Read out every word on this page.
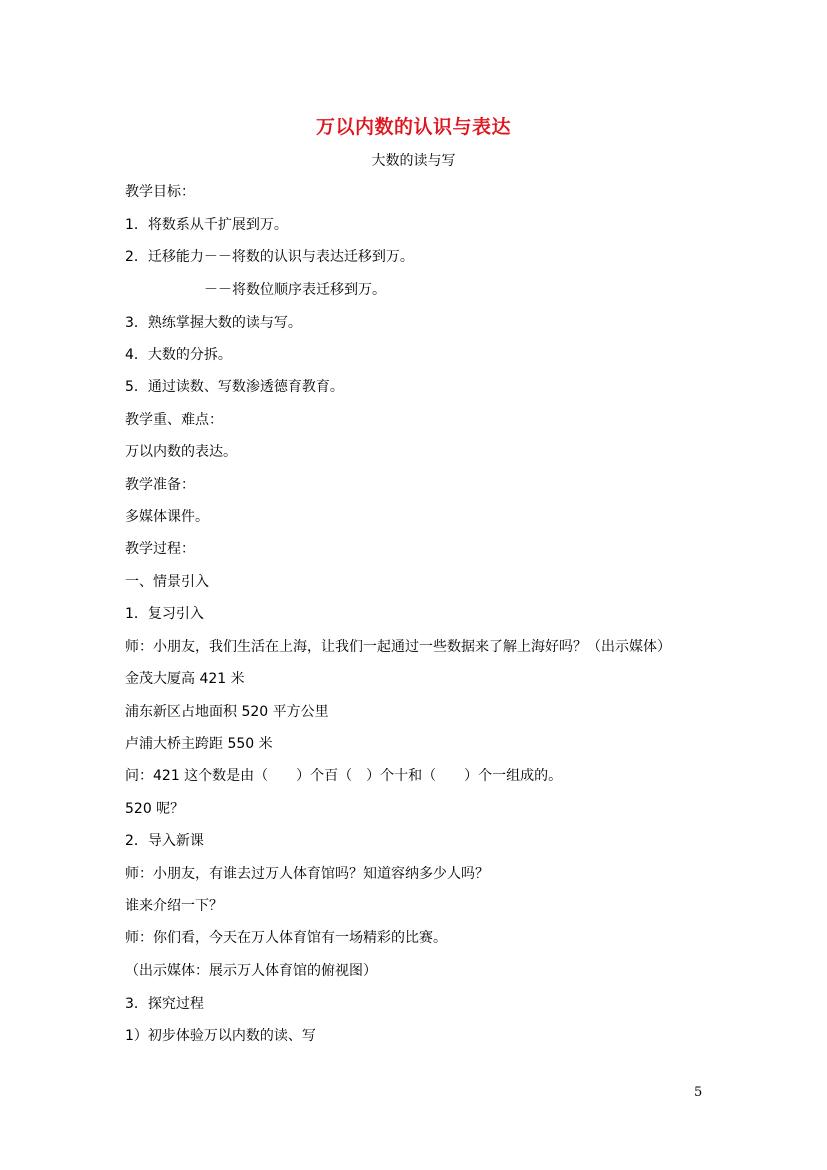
万以内数的认识与表达
大数的读与写
教学目标：
1．将数系从千扩展到万。
2．迁移能力－－将数的认识与表达迁移到万。
－－将数位顺序表迁移到万。
3．熟练掌握大数的读与写。
4．大数的分拆。
5．通过读数、写数渗透德育教育。
教学重、难点：
万以内数的表达。
教学准备：
多媒体课件。
教学过程：
一、情景引入
1．复习引入
师：小朋友，我们生活在上海，让我们一起通过一些数据来了解上海好吗？（出示媒体）
金茂大厦高 421 米
浦东新区占地面积 520 平方公里
卢浦大桥主跨距 550 米
问：421 这个数是由（　　）个百（　）个十和（　　）个一组成的。
520 呢？
2．导入新课
师：小朋友，有谁去过万人体育馆吗？知道容纳多少人吗？
谁来介绍一下？
师：你们看，今天在万人体育馆有一场精彩的比赛。
（出示媒体：展示万人体育馆的俯视图）
3．探究过程
1）初步体验万以内数的读、写
5
